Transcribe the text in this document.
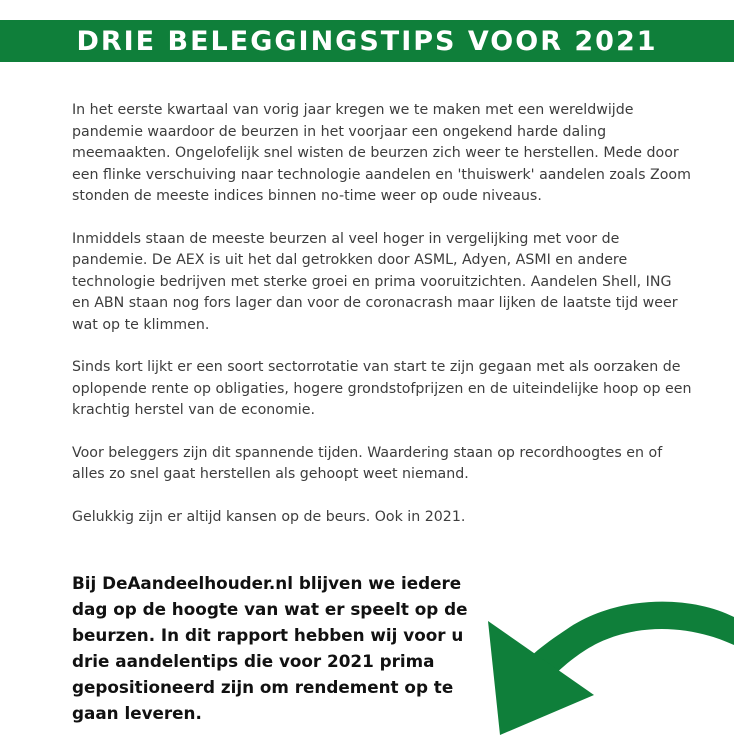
DRIE BELEGGINGSTIPS VOOR 2021

In het eerste kwartaal van vorig jaar kregen we te maken met een wereldwijde pandemie waardoor de beurzen in het voorjaar een ongekend harde daling meemaakten. Ongelofelijk snel wisten de beurzen zich weer te herstellen. Mede door een flinke verschuiving naar technologie aandelen en 'thuiswerk' aandelen zoals Zoom stonden de meeste indices binnen no-time weer op oude niveaus.

Inmiddels staan de meeste beurzen al veel hoger in vergelijking met voor de pandemie. De AEX is uit het dal getrokken door ASML, Adyen, ASMI en andere technologie bedrijven met sterke groei en prima vooruitzichten. Aandelen Shell, ING en ABN staan nog fors lager dan voor de coronacrash maar lijken de laatste tijd weer wat op te klimmen.

Sinds kort lijkt er een soort sectorrotatie van start te zijn gegaan met als oorzaken de oplopende rente op obligaties, hogere grondstofprijzen en de uiteindelijke hoop op een krachtig herstel van de economie.

Voor beleggers zijn dit spannende tijden. Waardering staan op recordhoogtes en of alles zo snel gaat herstellen als gehoopt weet niemand.

Gelukkig zijn er altijd kansen op de beurs. Ook in 2021.

Bij DeAandeelhouder.nl blijven we iedere dag op de hoogte van wat er speelt op de beurzen. In dit rapport hebben wij voor u drie aandelentips die voor 2021 prima gepositioneerd zijn om rendement op te gaan leveren.
